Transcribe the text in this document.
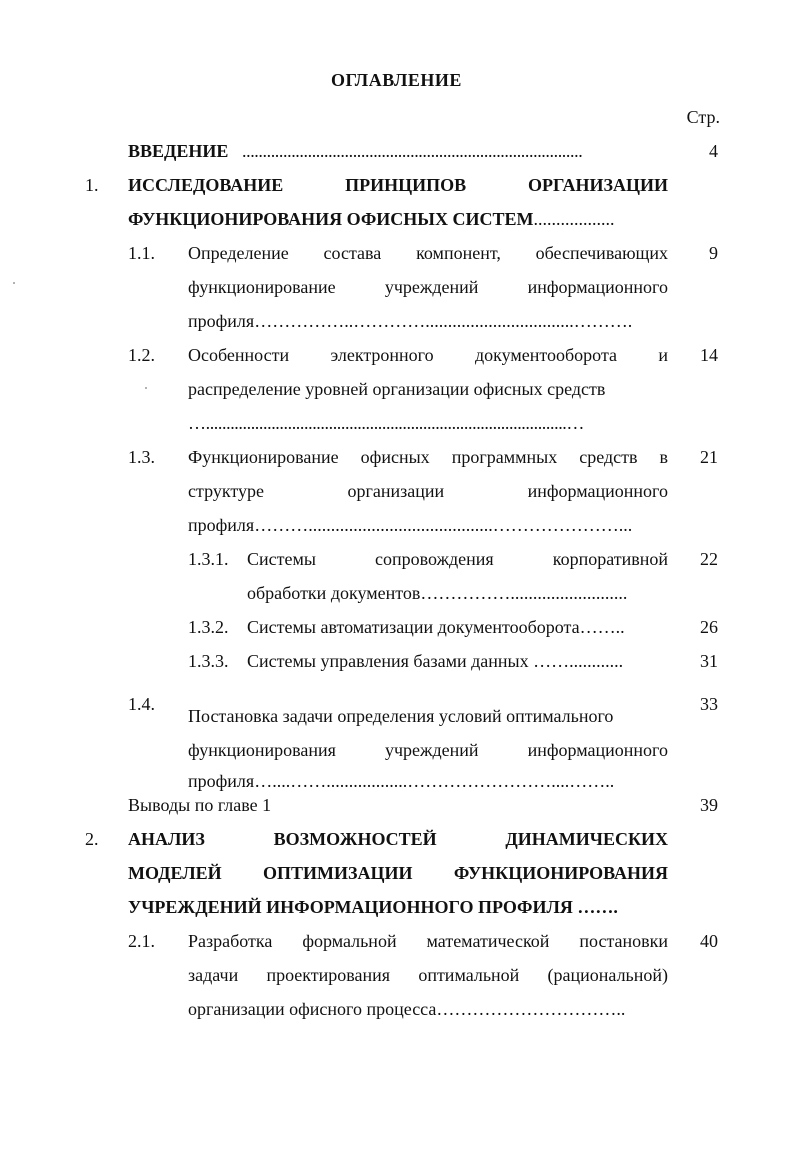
ОГЛАВЛЕНИЕ
Стр.
ВВЕДЕНИЕ ...................................................................................	4
1. ИССЛЕДОВАНИЕ	ПРИНЦИПОВ	ОРГАНИЗАЦИИ
ФУНКЦИОНИРОВАНИЯ ОФИСНЫХ СИСТЕМ..................
1.1. Определение состава компонент, обеспечивающих	9
функционирование	учреждений	информационного
профиля……………..………….................................……….
1.2. Особенности электронного документооборота и	14
распределение уровней организации офисных средств
…........................................................................................…
1.3. Функционирование офисных программных средств в	21
структуре	организации	информационного
профиля……….........................................…………………...
1.3.1. Системы	сопровождения	корпоративной	22
обработки документов……………..........................
1.3.2. Системы автоматизации документооборота……..	26
1.3.3. Системы управления базами данных ……............	31
1.4.	33
Постановка задачи определения условий оптимального
функционирования	учреждений	информационного
профиля…....……..................……………………....……..
Выводы по главе 1	39
2. АНАЛИЗ	ВОЗМОЖНОСТЕЙ	ДИНАМИЧЕСКИХ
МОДЕЛЕЙ ОПТИМИЗАЦИИ ФУНКЦИОНИРОВАНИЯ
УЧРЕЖДЕНИЙ ИНФОРМАЦИОННОГО ПРОФИЛЯ …….
2.1. Разработка формальной математической постановки	40
задачи проектирования оптимальной (рациональной)
организации офисного процесса…………………………..
